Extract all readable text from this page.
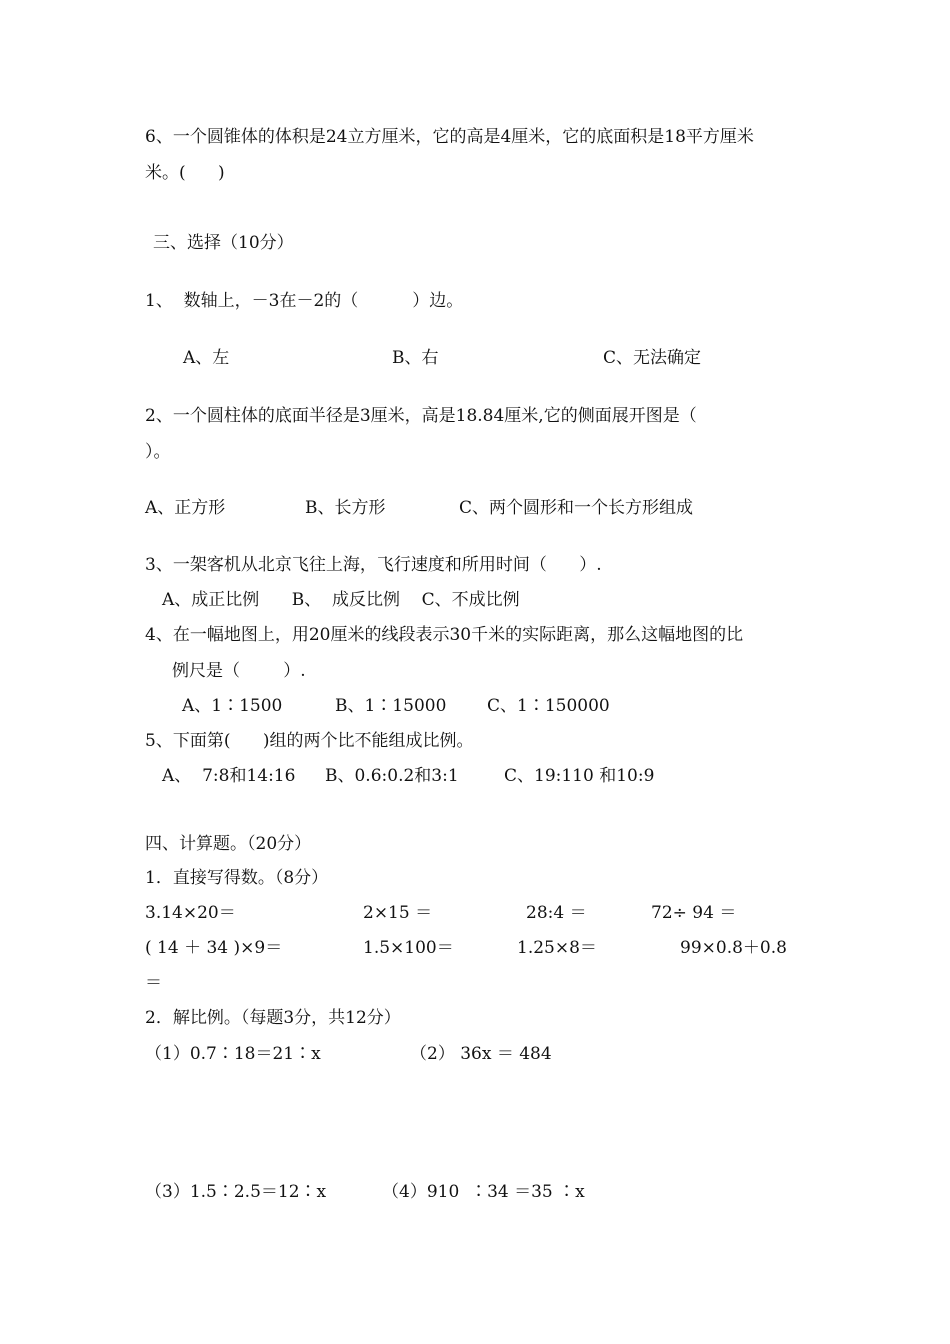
6、一个圆锥体的体积是24立方厘米，它的高是4厘米，它的底面积是18平方厘米
米。(      )
三、选择（10分）
1、  数轴上，－3在－2的（          ）边。
A、左	B、右	C、无法确定
2、一个圆柱体的底面半径是3厘米，高是18.84厘米,它的侧面展开图是（
）。
A、正方形	B、长方形	C、两个圆形和一个长方形组成
3、一架客机从北京飞往上海，飞行速度和所用时间（      ）.
A、成正比例      B、  成反比例    C、不成比例
4、在一幅地图上，用20厘米的线段表示30千米的实际距离，那么这幅地图的比
例尺是（        ）.
A、1∶1500	B、1∶15000 C、1∶150000
5、下面第(      )组的两个比不能组成比例。
A、  7:8和14:16 B、0.6:0.2和3:1	C、19:110 和10:9
四、计算题。（20分）
1．直接写得数。（8分）
3.14×20＝	2×15 ＝	28:4 ＝	72÷ 94 ＝
( 14 ＋ 34 )×9＝	1.5×100＝	1.25×8＝	99×0.8＋0.8
＝
2．解比例。（每题3分，共12分）
（1）0.7∶18＝21∶x	（2） 36x ＝ 484
（3）1.5∶2.5＝12∶x	（4）910  ∶34 ＝35 ∶x
